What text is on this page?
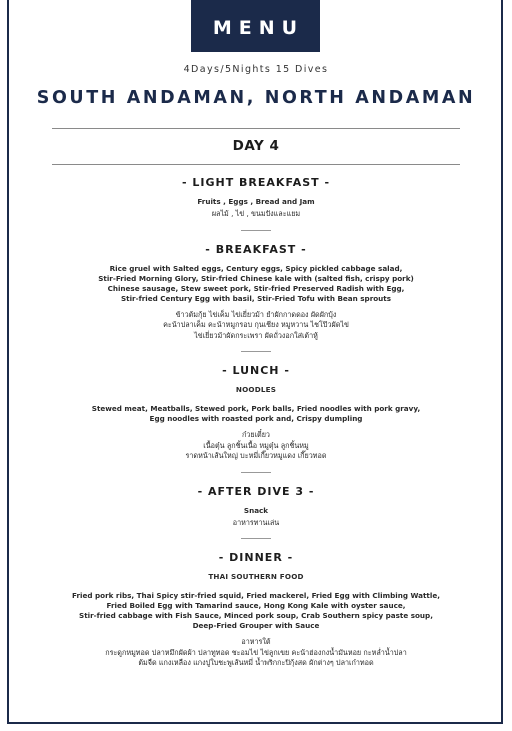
MENU
4Days/5Nights 15 Dives
SOUTH ANDAMAN, NORTH ANDAMAN
DAY 4

- LIGHT BREAKFAST -

Fruits , Eggs , Bread and Jam

ผลไม้ , ไข่ , ขนมปังและแยม

- BREAKFAST -

Rice gruel with Salted eggs, Century eggs, Spicy pickled cabbage salad,

Stir-Fried Morning Glory, Stir-fried Chinese kale with (salted fish, crispy pork)

Chinese sausage, Stew sweet pork, Stir-fried Preserved Radish with Egg,

Stir-fried Century Egg with basil, Stir-Fried Tofu with Bean sprouts

ข้าวต้มกุ้ย ไข่เค็ม ไข่เยี่ยวม้า ยำผักกาดดอง ผัดผักบุ้ง

คะน้าปลาเค็ม คะน้าหมูกรอบ กุนเชียง หมูหวาน ไชโป๊วผัดไข่

ไข่เยี่ยวม้าผัดกระเพรา ผัดถั่วงอกใส่เต้าหู้

- LUNCH -

NOODLES

Stewed meat, Meatballs, Stewed pork, Pork balls, Fried noodles with pork gravy,

Egg noodles with roasted pork and, Crispy dumpling

ก๋วยเตี๋ยว

เนื้อตุ๋น ลูกชิ้นเนื้อ หมูตุ๋น ลูกชิ้นหมู

ราดหน้าเส้นใหญ่ บะหมี่เกี๊ยวหมูแดง เกี๊ยวทอด

- AFTER DIVE 3 -

Snack

อาหารทานเล่น

- DINNER -

THAI SOUTHERN FOOD

Fried pork ribs, Thai Spicy stir-fried squid, Fried mackerel, Fried Egg with Climbing Wattle,

Fried Boiled Egg with Tamarind sauce, Hong Kong Kale with oyster sauce,

Stir-fried cabbage with Fish Sauce, Minced pork soup, Crab Southern spicy paste soup,

Deep-Fried Grouper with Sauce

อาหารใต้

กระดูกหมูทอด ปลาหมึกผัดผ้า ปลาทูทอด ชะอมไข่ ไข่ลูกเขย คะน้าฮ่องกงน้ำมันหอย กะหล่ำน้ำปลา

ต้มจืด แกงเหลือง แกงปูใบชะพูเส้นหมี่ น้ำพริกกะปิกุ้งสด ผักต่างๆ ปลาเก๋าทอด
